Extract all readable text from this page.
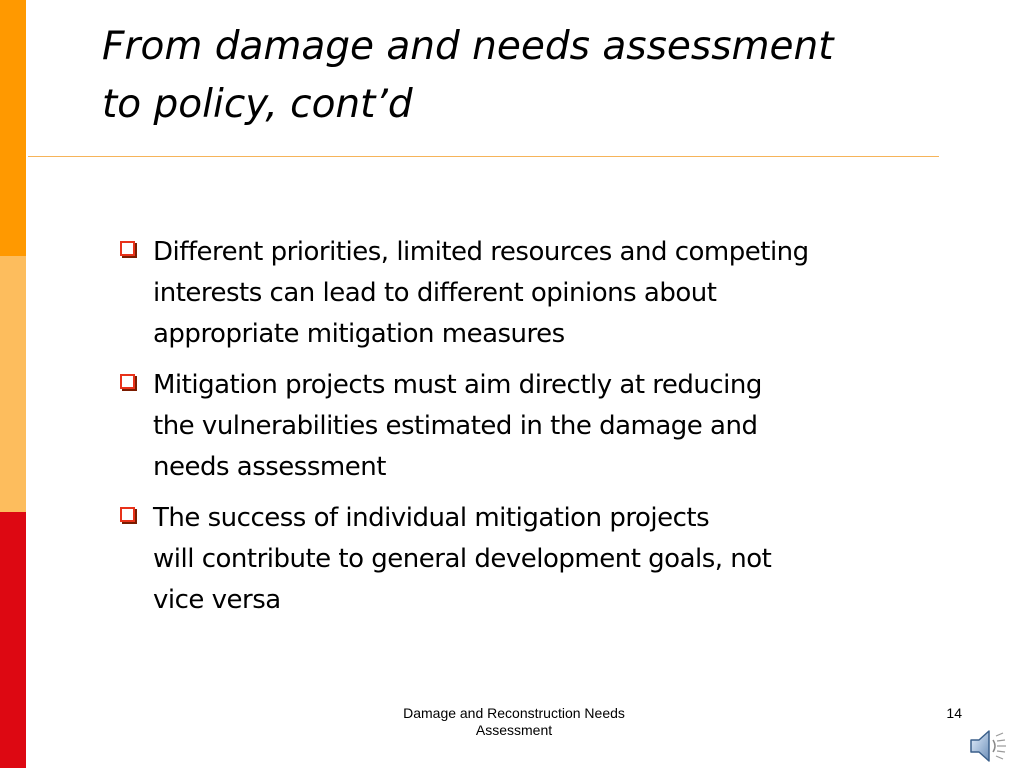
From damage and needs assessment
to policy, cont’d
Different priorities, limited resources and competing
interests can lead to different opinions about
appropriate mitigation measures
Mitigation projects must aim directly at reducing
the vulnerabilities estimated in the damage and
needs assessment
The success of individual mitigation projects
will contribute to general development goals, not
vice versa
Damage and Reconstruction Needs
Assessment
14
